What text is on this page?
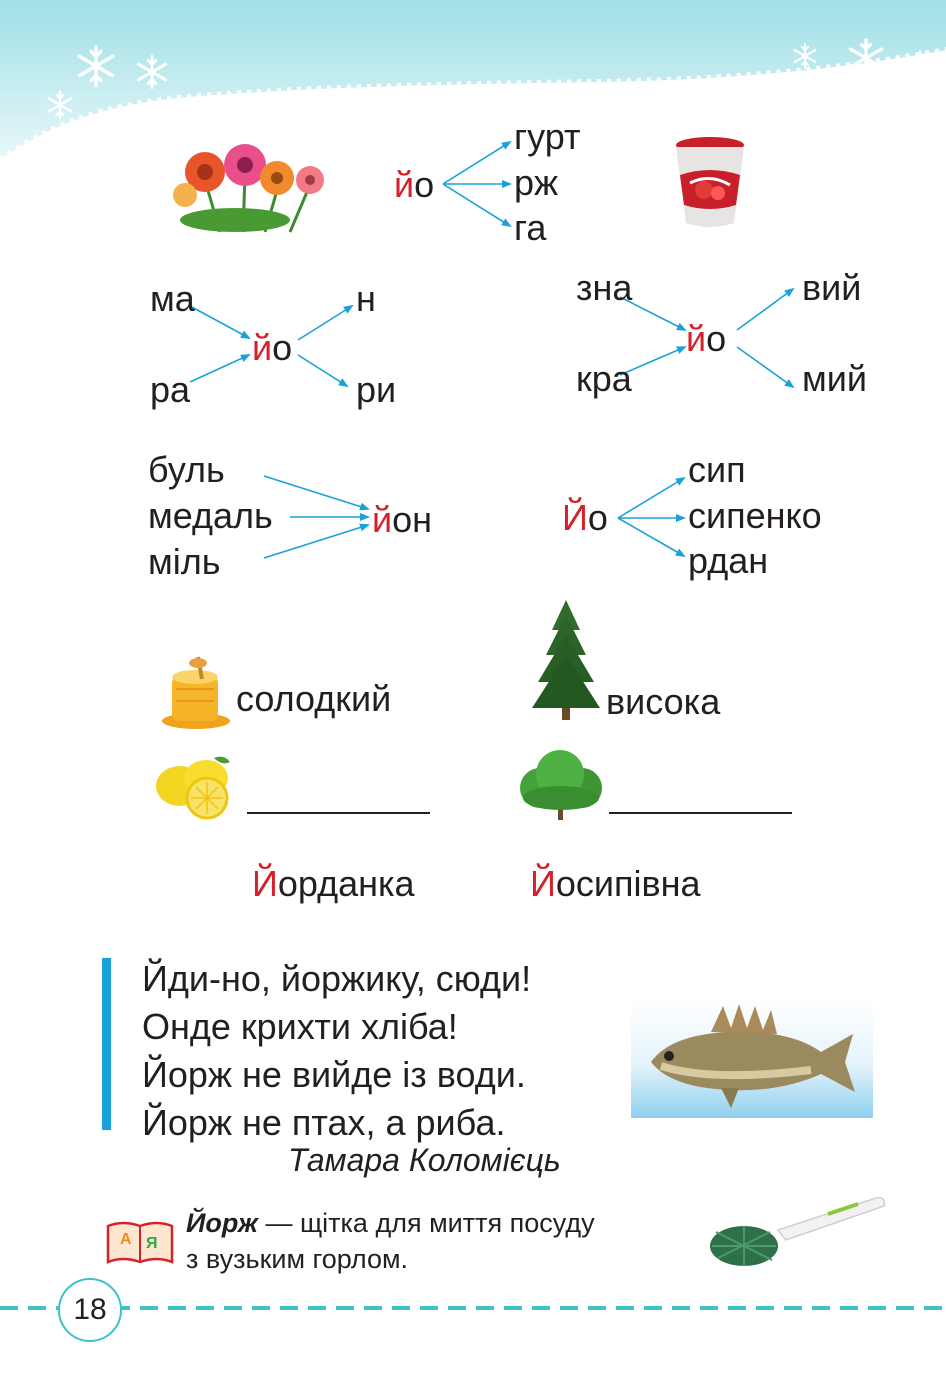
йо
гурт
рж
га
ма
ра
йо
н
ри
зна
кра
йо
вий
мий
буль
медаль
міль
йон	Йо
сип
сипенко
рдан
солодкий	висока
Йорданка	Йосипівна
Йди-но, йоржику, сюди!
Онде крихти хліба!
Йорж не вийде із води.
Йорж не птах, а риба.
Тамара Коломієць
А Я
Йорж — щітка для миття посуду
з вузьким горлом.
18
